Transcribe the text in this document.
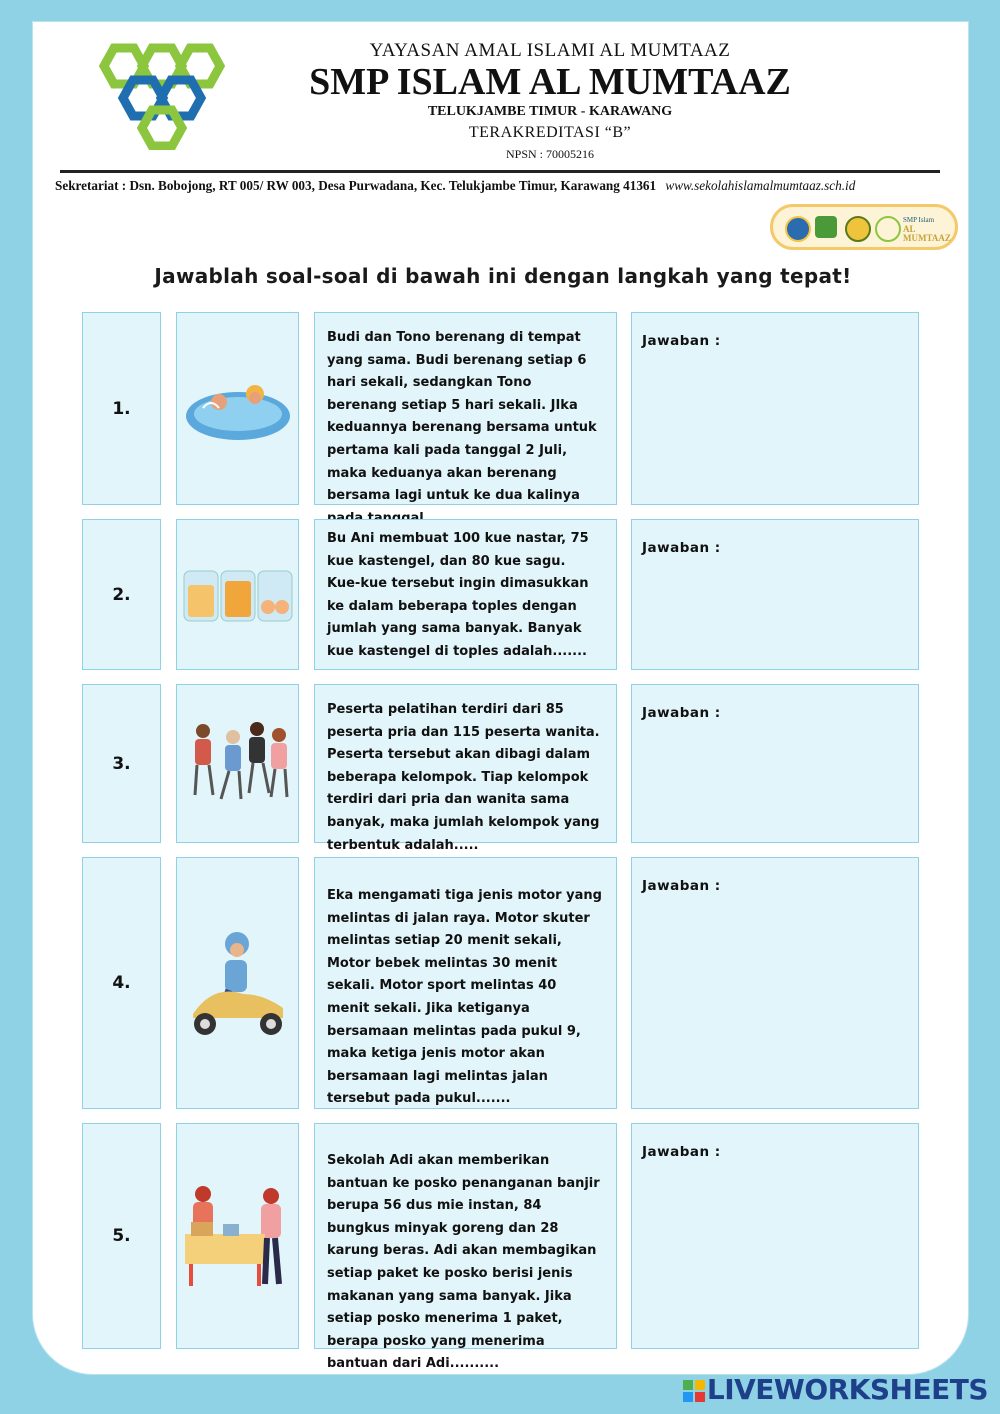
YAYASAN AMAL ISLAMI AL MUMTAAZ
SMP ISLAM AL MUMTAAZ
TELUKJAMBE TIMUR - KARAWANG
TERAKREDITASI “B”
NPSN : 70005216
Sekretariat : Dsn. Bobojong, RT 005/ RW 003, Desa Purwadana, Kec. Telukjambe Timur, Karawang 41361 www.sekolahislamalmumtaaz.sch.id
SMP Islam
AL MUMTAAZ
Jawablah soal-soal di bawah ini dengan langkah yang tepat!
1.
Budi dan Tono berenang di tempat yang sama. Budi berenang setiap 6 hari sekali, sedangkan Tono berenang setiap 5 hari sekali. JIka keduannya berenang bersama untuk pertama kali pada tanggal 2 Juli, maka keduanya akan berenang bersama lagi untuk ke dua kalinya
Jawaban :
2.
Bu Ani membuat 100 kue nastar, 75 kue kastengel, dan 80 kue sagu. Kue-kue tersebut ingin dimasukkan ke dalam beberapa toples dengan jumlah yang sama banyak. Banyak kue kastengel di toples adalah.......
Jawaban :
3.
Peserta pelatihan terdiri dari 85 peserta pria dan 115 peserta wanita. Peserta tersebut akan dibagi dalam beberapa kelompok. Tiap kelompok terdiri dari pria dan wanita sama banyak, maka jumlah kelompok yang terbentuk adalah.....
Jawaban :
4.
Eka mengamati tiga jenis motor yang melintas di jalan raya. Motor skuter melintas setiap 20 menit sekali, Motor bebek melintas 30 menit sekali. Motor sport melintas 40 menit sekali. Jika ketiganya bersamaan melintas pada pukul 9, maka ketiga jenis motor akan bersamaan lagi melintas jalan tersebut pada pukul.......
Jawaban :
5.
Sekolah Adi akan memberikan bantuan ke posko penanganan banjir berupa 56 dus mie instan, 84 bungkus minyak goreng dan 28 karung beras. Adi akan membagikan setiap paket ke posko berisi jenis makanan yang sama banyak. Jika setiap posko menerima 1 paket, berapa posko yang menerima bantuan dari Adi..........
Jawaban :
LIVEWORKSHEETS
